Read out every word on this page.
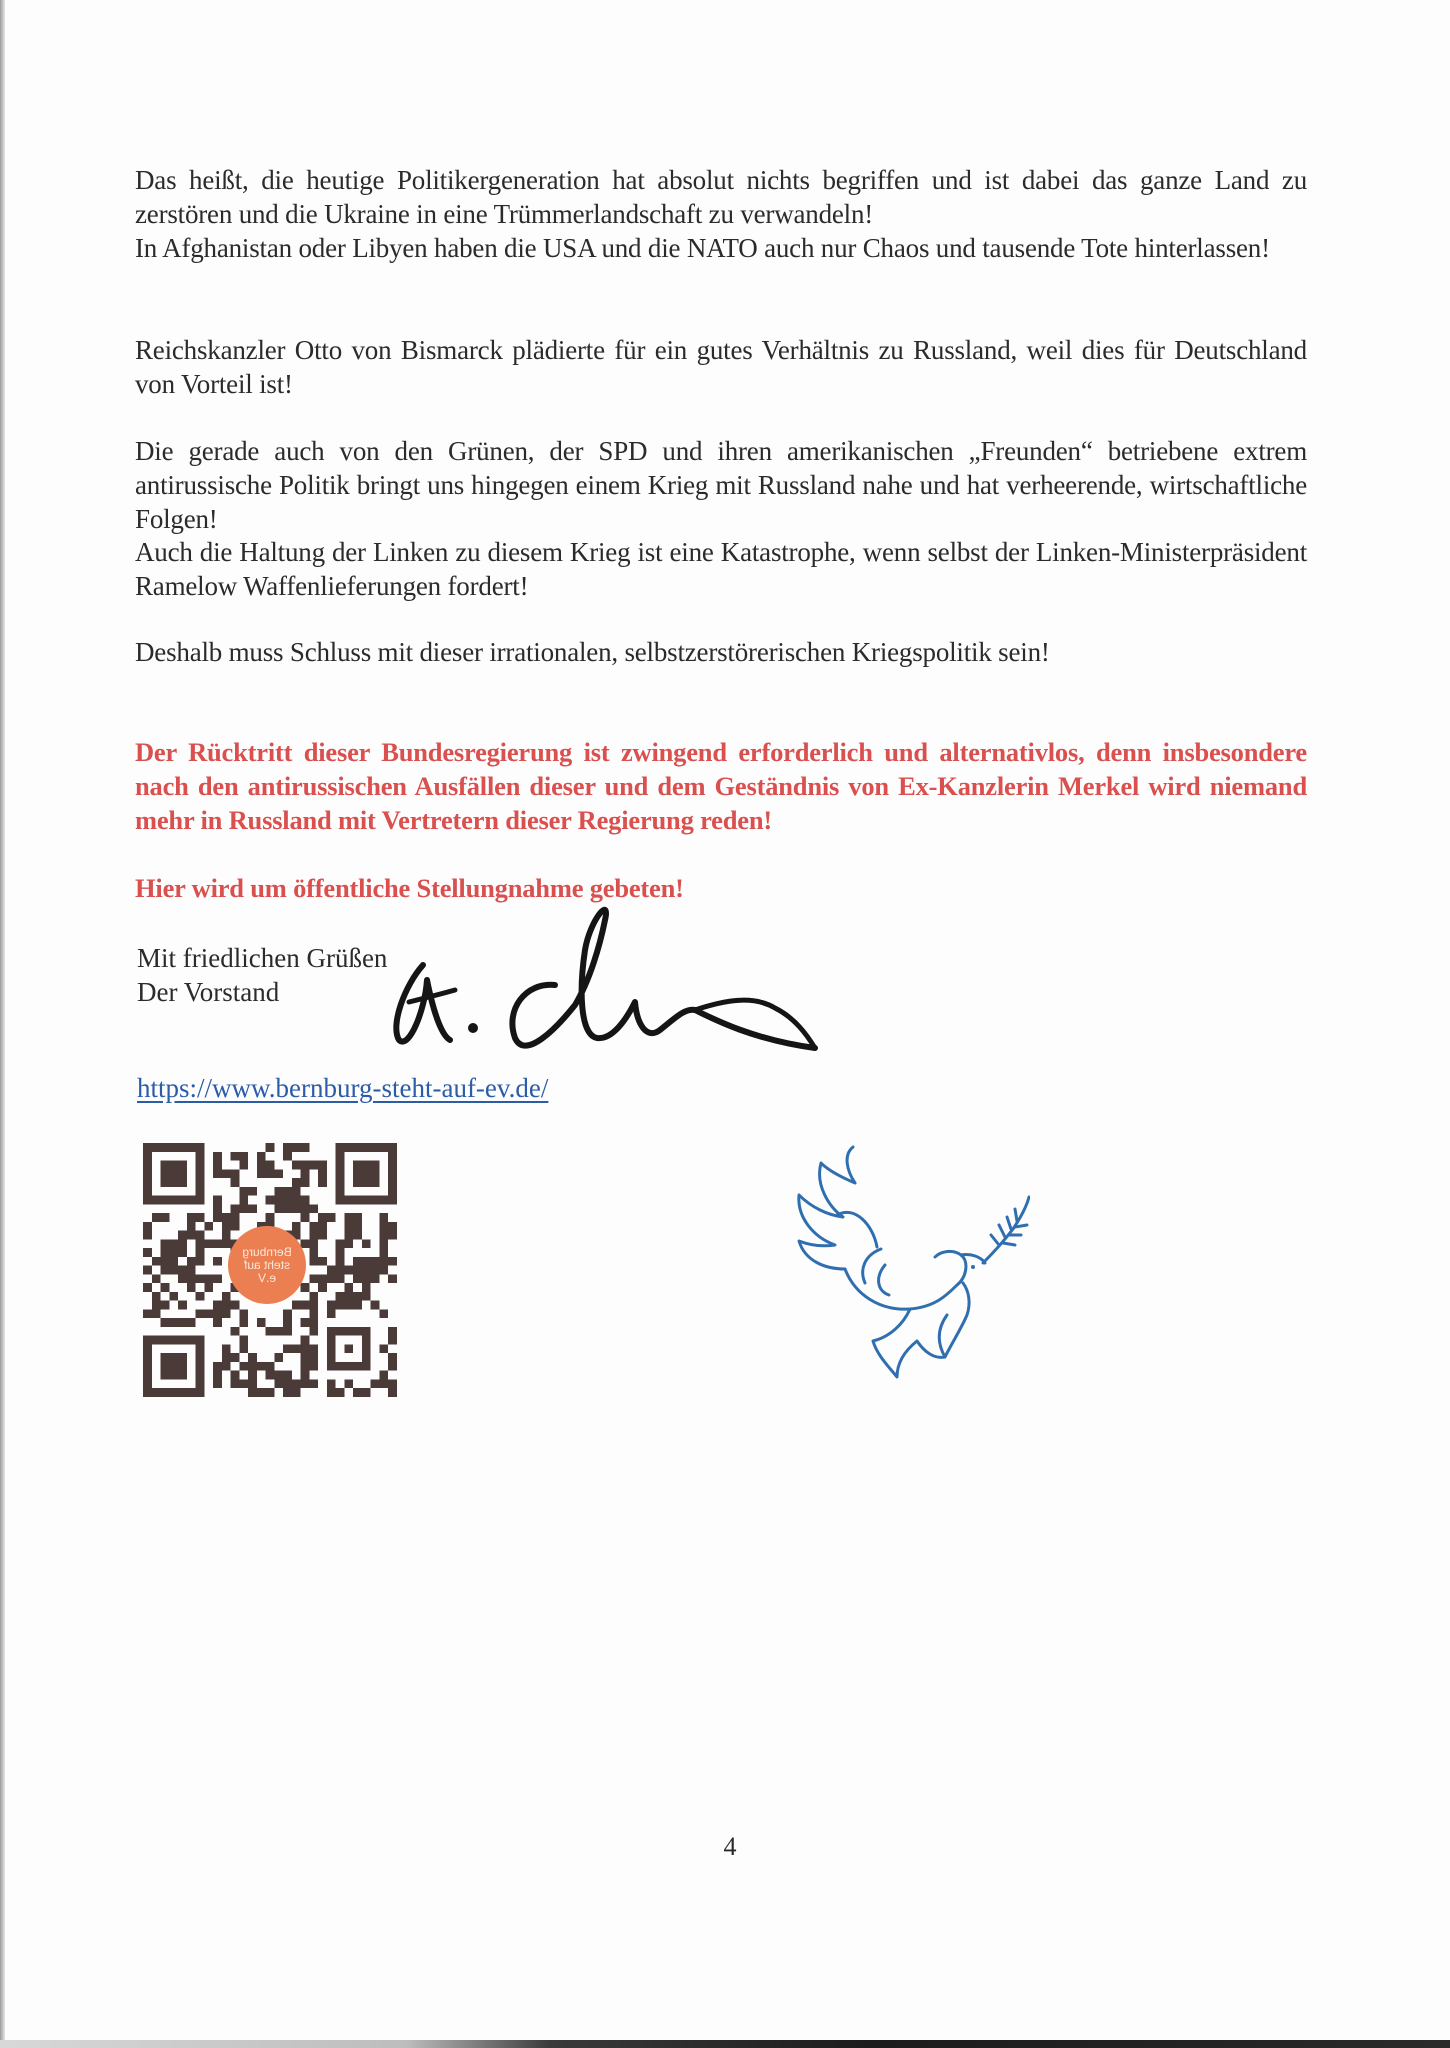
Das heißt, die heutige Politikergeneration hat absolut nichts begriffen und ist dabei das ganze Land zu zerstören und die Ukraine in eine Trümmerlandschaft zu verwandeln!

In Afghanistan oder Libyen haben die USA und die NATO auch nur Chaos und tausende Tote hinterlassen!

Reichskanzler Otto von Bismarck plädierte für ein gutes Verhältnis zu Russland, weil dies für Deutschland von Vorteil ist!

Die gerade auch von den Grünen, der SPD und ihren amerikanischen „Freunden“ betriebene extrem antirussische Politik bringt uns hingegen einem Krieg mit Russland nahe und hat verheerende, wirtschaftliche Folgen!

Auch die Haltung der Linken zu diesem Krieg ist eine Katastrophe, wenn selbst der Linken-Ministerpräsident Ramelow Waffenlieferungen fordert!

Deshalb muss Schluss mit dieser irrationalen, selbstzerstörerischen Kriegspolitik sein!

Der Rücktritt dieser Bundesregierung ist zwingend erforderlich und alternativlos, denn insbesondere nach den antirussischen Ausfällen dieser und dem Geständnis von Ex-Kanzlerin Merkel wird niemand mehr in Russland mit Vertretern dieser Regierung reden!

Hier wird um öffentliche Stellungnahme gebeten!

Mit friedlichen Grüßen
Der Vorstand
https://www.bernburg-steht-auf-ev.de/
Bernburg
steht auf
e.V
4
